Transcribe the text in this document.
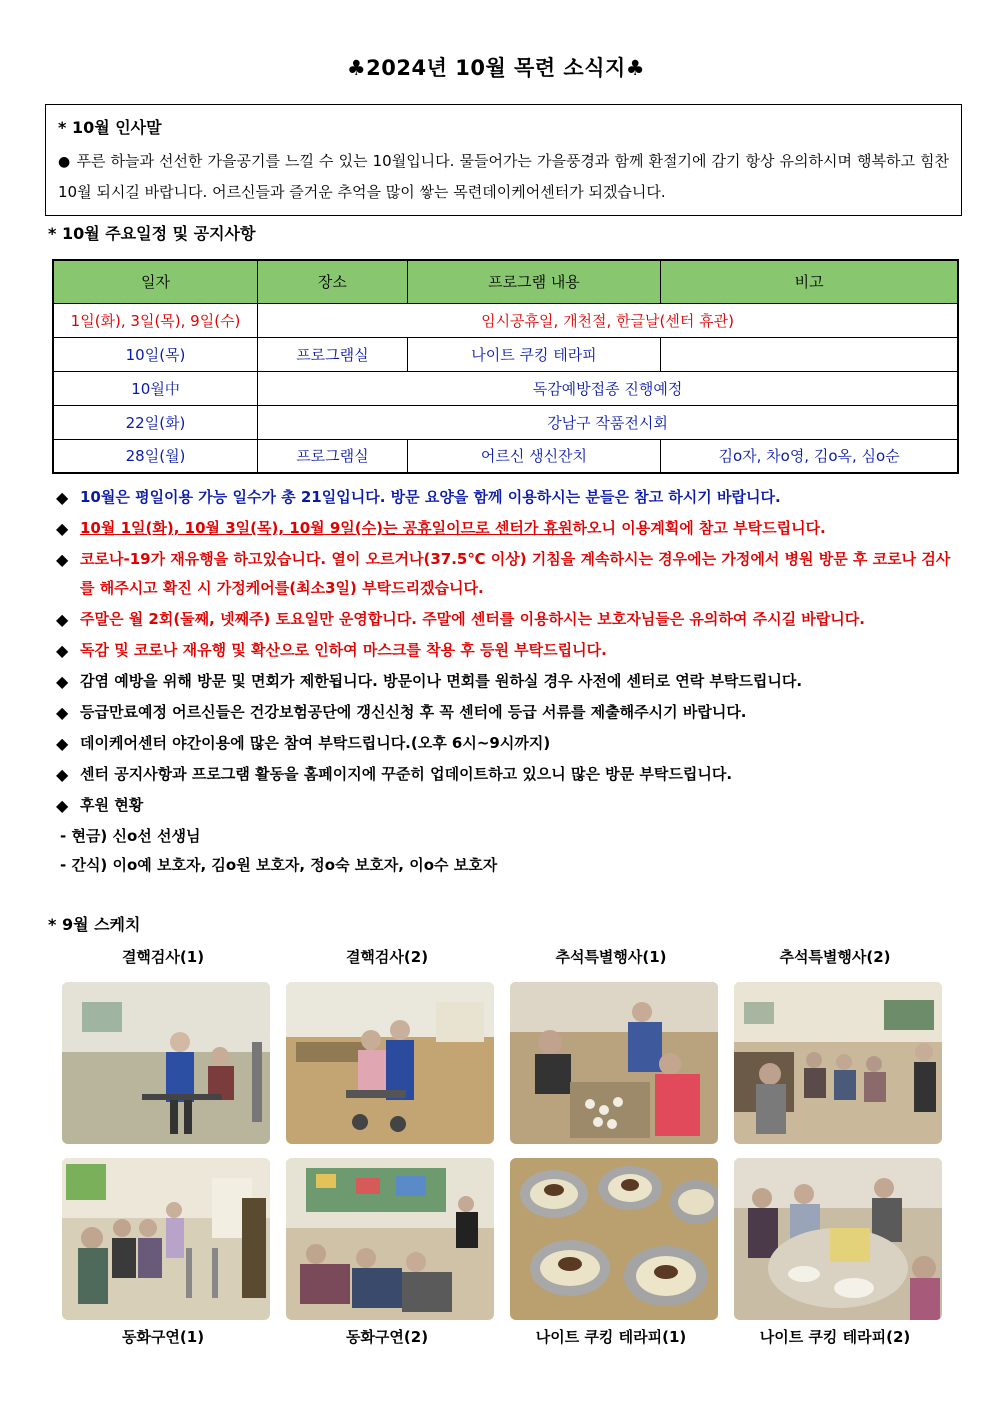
♣2024년 10월 목련 소식지♣
* 10월 인사말
● 푸른 하늘과 선선한 가을공기를 느낄 수 있는 10월입니다. 물들어가는 가을풍경과 함께 환절기에 감기 항상 유의하시며 행복하고 힘찬 10월 되시길 바랍니다. 어르신들과 즐거운 추억을 많이 쌓는 목련데이케어센터가 되겠습니다.
* 10월 주요일정 및 공지사항
일자	장소	프로그램 내용	비고
1일(화), 3일(목), 9일(수)	임시공휴일, 개천절, 한글날(센터 휴관)		
10일(목)	프로그램실	나이트 쿠킹 테라피	
10월中	독감예방접종 진행예정		
22일(화)	강남구 작품전시회		
28일(월)	프로그램실	어르신 생신잔치	김o자, 차o영, 김o옥, 심o순
◆ 10월은 평일이용 가능 일수가 총 21일입니다. 방문 요양을 함께 이용하시는 분들은 참고 하시기 바랍니다.
◆ 10월 1일(화), 10월 3일(목), 10월 9일(수)는 공휴일이므로 센터가 휴원하오니 이용계획에 참고 부탁드립니다.
◆ 코로나-19가 재유행을 하고있습니다. 열이 오르거나(37.5℃ 이상) 기침을 계속하시는 경우에는 가정에서 병원 방문 후 코로나 검사를 해주시고 확진 시 가정케어를(최소3일) 부탁드리겠습니다.
◆ 주말은 월 2회(둘째, 넷째주) 토요일만 운영합니다. 주말에 센터를 이용하시는 보호자님들은 유의하여 주시길 바랍니다.
◆ 독감 및 코로나 재유행 및 확산으로 인하여 마스크를 착용 후 등원 부탁드립니다.
◆ 감염 예방을 위해 방문 및 면회가 제한됩니다. 방문이나 면회를 원하실 경우 사전에 센터로 연락 부탁드립니다.
◆ 등급만료예정 어르신들은 건강보험공단에 갱신신청 후 꼭 센터에 등급 서류를 제출해주시기 바랍니다.
◆ 데이케어센터 야간이용에 많은 참여 부탁드립니다.(오후 6시~9시까지)
◆ 센터 공지사항과 프로그램 활동을 홈페이지에 꾸준히 업데이트하고 있으니 많은 방문 부탁드립니다.
◆ 후원 현황
- 현금) 신o선 선생님
- 간식) 이o예 보호자, 김o원 보호자, 정o숙 보호자, 이o수 보호자
* 9월 스케치
결핵검사(1)	결핵검사(2)	추석특별행사(1)	추석특별행사(2)
동화구연(1)	동화구연(2)	나이트 쿠킹 테라피(1)	나이트 쿠킹 테라피(2)
